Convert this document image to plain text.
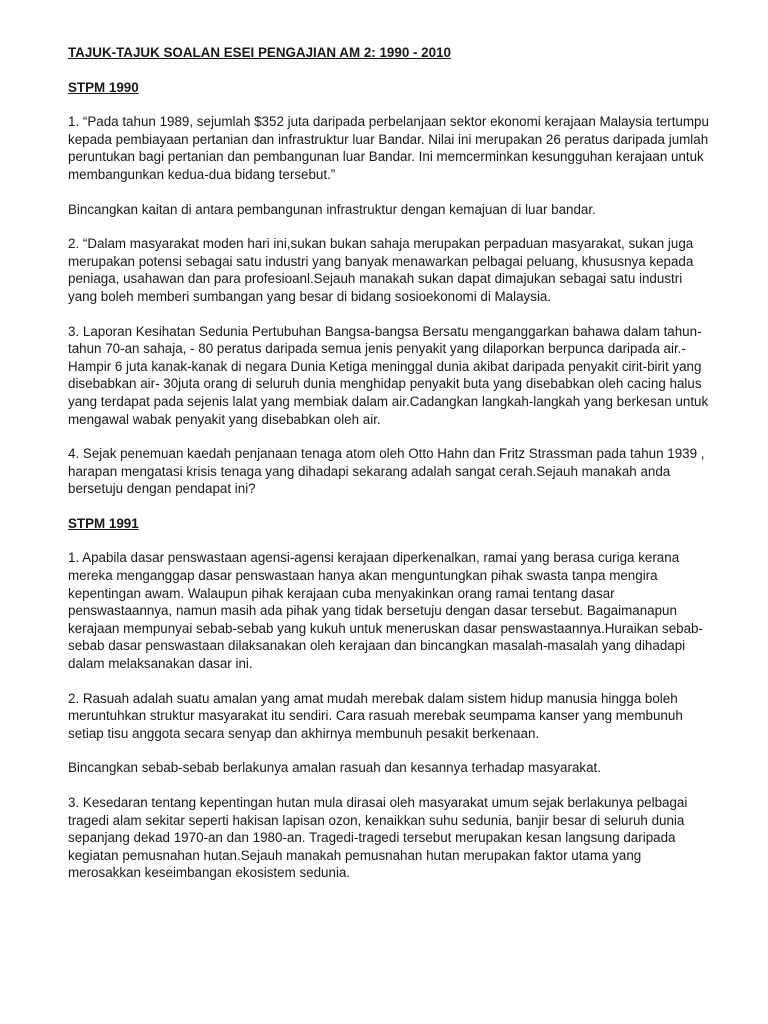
TAJUK-TAJUK SOALAN ESEI PENGAJIAN AM 2: 1990 - 2010
STPM 1990

1. “Pada tahun 1989, sejumlah $352 juta daripada perbelanjaan sektor ekonomi kerajaan Malaysia tertumpu kepada pembiayaan pertanian dan infrastruktur luar Bandar. Nilai ini merupakan 26 peratus daripada jumlah peruntukan bagi pertanian dan pembangunan luar Bandar. Ini memcerminkan kesungguhan kerajaan untuk membangunkan kedua-dua bidang tersebut.”

Bincangkan kaitan di antara pembangunan infrastruktur dengan kemajuan di luar bandar.

2. “Dalam masyarakat moden hari ini,sukan bukan sahaja merupakan perpaduan masyarakat, sukan juga merupakan potensi sebagai satu industri yang banyak menawarkan pelbagai peluang, khususnya kepada peniaga, usahawan dan para profesioanl.Sejauh manakah sukan dapat dimajukan sebagai satu industri yang boleh memberi sumbangan yang besar di bidang sosioekonomi di Malaysia.

3. Laporan Kesihatan Sedunia Pertubuhan Bangsa-bangsa Bersatu menganggarkan bahawa dalam tahun-tahun 70-an sahaja, - 80 peratus daripada semua jenis penyakit yang dilaporkan berpunca daripada air.- Hampir 6 juta kanak-kanak di negara Dunia Ketiga meninggal dunia akibat daripada penyakit cirit-birit yang disebabkan air- 30juta orang di seluruh dunia menghidap penyakit buta yang disebabkan oleh cacing halus yang terdapat pada sejenis lalat yang membiak dalam air.Cadangkan langkah-langkah yang berkesan untuk mengawal wabak penyakit yang disebabkan oleh air.

4. Sejak penemuan kaedah penjanaan tenaga atom oleh Otto Hahn dan Fritz Strassman pada tahun 1939 , harapan mengatasi krisis tenaga yang dihadapi sekarang adalah sangat cerah.Sejauh manakah anda bersetuju dengan pendapat ini?

STPM 1991

1. Apabila dasar penswastaan agensi-agensi kerajaan diperkenalkan, ramai yang berasa curiga kerana mereka menganggap dasar penswastaan hanya akan menguntungkan pihak swasta tanpa mengira kepentingan awam. Walaupun pihak kerajaan cuba menyakinkan orang ramai tentang dasar penswastaannya, namun masih ada pihak yang tidak bersetuju dengan dasar tersebut. Bagaimanapun kerajaan mempunyai sebab-sebab yang kukuh untuk meneruskan dasar penswastaannya.Huraikan sebab-sebab dasar penswastaan dilaksanakan oleh kerajaan dan bincangkan masalah-masalah yang dihadapi dalam melaksanakan dasar ini.

2. Rasuah adalah suatu amalan yang amat mudah merebak dalam sistem hidup manusia hingga boleh meruntuhkan struktur masyarakat itu sendiri. Cara rasuah merebak seumpama kanser yang membunuh setiap tisu anggota secara senyap dan akhirnya membunuh pesakit berkenaan.

Bincangkan sebab-sebab berlakunya amalan rasuah dan kesannya terhadap masyarakat.

3. Kesedaran tentang kepentingan hutan mula dirasai oleh masyarakat umum sejak berlakunya pelbagai tragedi alam sekitar seperti hakisan lapisan ozon, kenaikkan suhu sedunia, banjir besar di seluruh dunia sepanjang dekad 1970-an dan 1980-an. Tragedi-tragedi tersebut merupakan kesan langsung daripada kegiatan pemusnahan hutan.Sejauh manakah pemusnahan hutan merupakan faktor utama yang merosakkan keseimbangan ekosistem sedunia.
